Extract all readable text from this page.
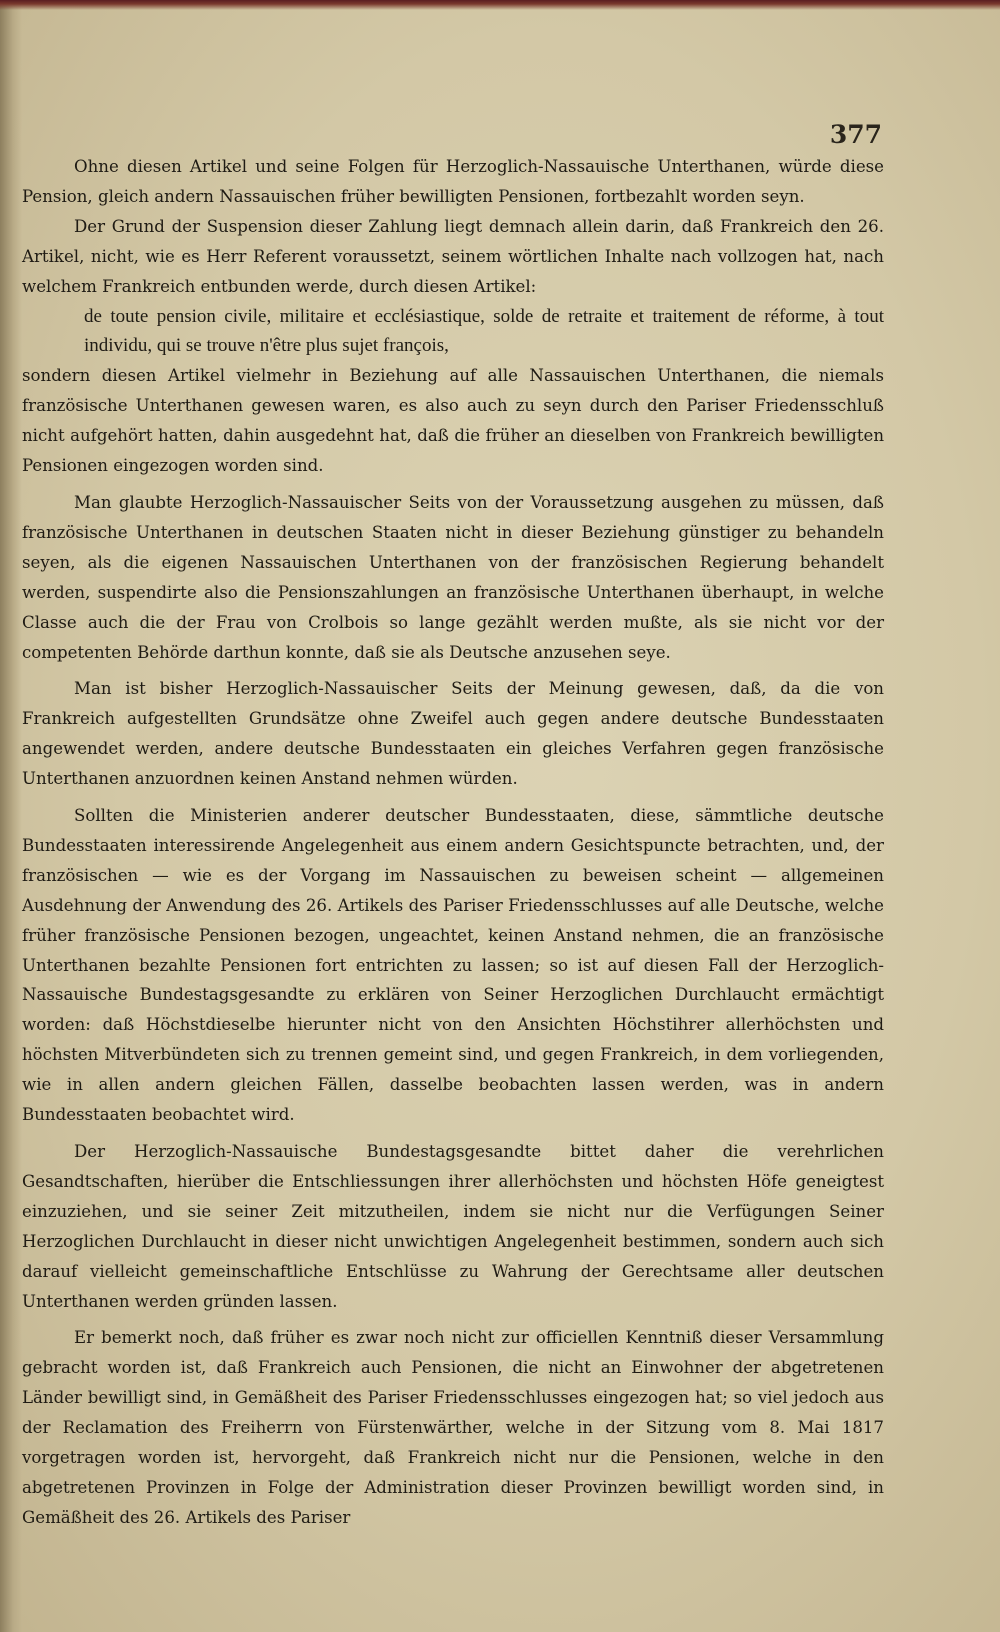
377

Ohne diesen Artikel und seine Folgen für Herzoglich-Nassauische Unterthanen, würde diese Pension, gleich andern Nassauischen früher bewilligten Pensionen, fortbezahlt worden seyn.

Der Grund der Suspension dieser Zahlung liegt demnach allein darin, daß Frankreich den 26. Artikel, nicht, wie es Herr Referent voraussetzt, seinem wörtlichen Inhalte nach vollzogen hat, nach welchem Frankreich entbunden werde, durch diesen Artikel:

de toute pension civile, militaire et ecclésiastique, solde de retraite et traitement de réforme, à tout individu, qui se trouve n'être plus sujet françois,

sondern diesen Artikel vielmehr in Beziehung auf alle Nassauischen Unterthanen, die niemals französische Unterthanen gewesen waren, es also auch zu seyn durch den Pariser Friedensschluß nicht aufgehört hatten, dahin ausgedehnt hat, daß die früher an dieselben von Frankreich bewilligten Pensionen eingezogen worden sind.

Man glaubte Herzoglich-Nassauischer Seits von der Voraussetzung ausgehen zu müssen, daß französische Unterthanen in deutschen Staaten nicht in dieser Beziehung günstiger zu behandeln seyen, als die eigenen Nassauischen Unterthanen von der französischen Regierung behandelt werden, suspendirte also die Pensionszahlungen an französische Unterthanen überhaupt, in welche Classe auch die der Frau von Crolbois so lange gezählt werden mußte, als sie nicht vor der competenten Behörde darthun konnte, daß sie als Deutsche anzusehen seye.

Man ist bisher Herzoglich-Nassauischer Seits der Meinung gewesen, daß, da die von Frankreich aufgestellten Grundsätze ohne Zweifel auch gegen andere deutsche Bundesstaaten angewendet werden, andere deutsche Bundesstaaten ein gleiches Verfahren gegen französische Unterthanen anzuordnen keinen Anstand nehmen würden.

Sollten die Ministerien anderer deutscher Bundesstaaten, diese, sämmtliche deutsche Bundesstaaten interessirende Angelegenheit aus einem andern Gesichtspuncte betrachten, und, der französischen — wie es der Vorgang im Nassauischen zu beweisen scheint — allgemeinen Ausdehnung der Anwendung des 26. Artikels des Pariser Friedensschlusses auf alle Deutsche, welche früher französische Pensionen bezogen, ungeachtet, keinen Anstand nehmen, die an französische Unterthanen bezahlte Pensionen fort entrichten zu lassen; so ist auf diesen Fall der Herzoglich-Nassauische Bundestagsgesandte zu erklären von Seiner Herzoglichen Durchlaucht ermächtigt worden: daß Höchstdieselbe hierunter nicht von den Ansichten Höchstihrer allerhöchsten und höchsten Mitverbündeten sich zu trennen gemeint sind, und gegen Frankreich, in dem vorliegenden, wie in allen andern gleichen Fällen, dasselbe beobachten lassen werden, was in andern Bundesstaaten beobachtet wird.

Der Herzoglich-Nassauische Bundestagsgesandte bittet daher die verehrlichen Gesandtschaften, hierüber die Entschliessungen ihrer allerhöchsten und höchsten Höfe geneigtest einzuziehen, und sie seiner Zeit mitzutheilen, indem sie nicht nur die Verfügungen Seiner Herzoglichen Durchlaucht in dieser nicht unwichtigen Angelegenheit bestimmen, sondern auch sich darauf vielleicht gemeinschaftliche Entschlüsse zu Wahrung der Gerechtsame aller deutschen Unterthanen werden gründen lassen.

Er bemerkt noch, daß früher es zwar noch nicht zur officiellen Kenntniß dieser Versammlung gebracht worden ist, daß Frankreich auch Pensionen, die nicht an Einwohner der abgetretenen Länder bewilligt sind, in Gemäßheit des Pariser Friedensschlusses eingezogen hat; so viel jedoch aus der Reclamation des Freiherrn von Fürstenwärther, welche in der Sitzung vom 8. Mai 1817 vorgetragen worden ist, hervorgeht, daß Frankreich nicht nur die Pensionen, welche in den abgetretenen Provinzen in Folge der Administration dieser Provinzen bewilligt worden sind, in Gemäßheit des 26. Artikels des Pariser
